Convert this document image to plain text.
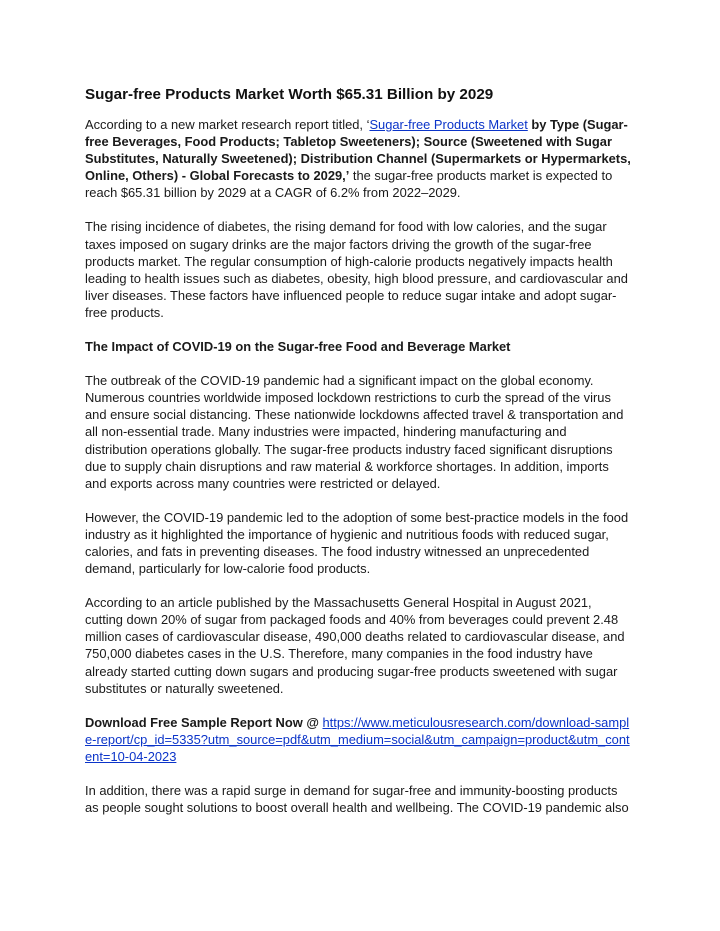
Sugar-free Products Market Worth $65.31 Billion by 2029

According to a new market research report titled, ‘Sugar-free Products Market by Type (Sugar-free Beverages, Food Products; Tabletop Sweeteners); Source (Sweetened with Sugar Substitutes, Naturally Sweetened); Distribution Channel (Supermarkets or Hypermarkets, Online, Others) - Global Forecasts to 2029,’ the sugar-free products market is expected to reach $65.31 billion by 2029 at a CAGR of 6.2% from 2022–2029.

The rising incidence of diabetes, the rising demand for food with low calories, and the sugar taxes imposed on sugary drinks are the major factors driving the growth of the sugar-free products market. The regular consumption of high-calorie products negatively impacts health leading to health issues such as diabetes, obesity, high blood pressure, and cardiovascular and liver diseases. These factors have influenced people to reduce sugar intake and adopt sugar-free products.

The Impact of COVID-19 on the Sugar-free Food and Beverage Market

The outbreak of the COVID-19 pandemic had a significant impact on the global economy. Numerous countries worldwide imposed lockdown restrictions to curb the spread of the virus and ensure social distancing. These nationwide lockdowns affected travel & transportation and all non-essential trade. Many industries were impacted, hindering manufacturing and distribution operations globally. The sugar-free products industry faced significant disruptions due to supply chain disruptions and raw material & workforce shortages. In addition, imports and exports across many countries were restricted or delayed.

However, the COVID-19 pandemic led to the adoption of some best-practice models in the food industry as it highlighted the importance of hygienic and nutritious foods with reduced sugar, calories, and fats in preventing diseases. The food industry witnessed an unprecedented demand, particularly for low-calorie food products.

According to an article published by the Massachusetts General Hospital in August 2021, cutting down 20% of sugar from packaged foods and 40% from beverages could prevent 2.48 million cases of cardiovascular disease, 490,000 deaths related to cardiovascular disease, and 750,000 diabetes cases in the U.S. Therefore, many companies in the food industry have already started cutting down sugars and producing sugar-free products sweetened with sugar substitutes or naturally sweetened.

Download Free Sample Report Now @ https://www.meticulousresearch.com/download-sample-report/cp_id=5335?utm_source=pdf&utm_medium=social&utm_campaign=product&utm_content=10-04-2023

In addition, there was a rapid surge in demand for sugar-free and immunity-boosting products as people sought solutions to boost overall health and wellbeing. The COVID-19 pandemic also
